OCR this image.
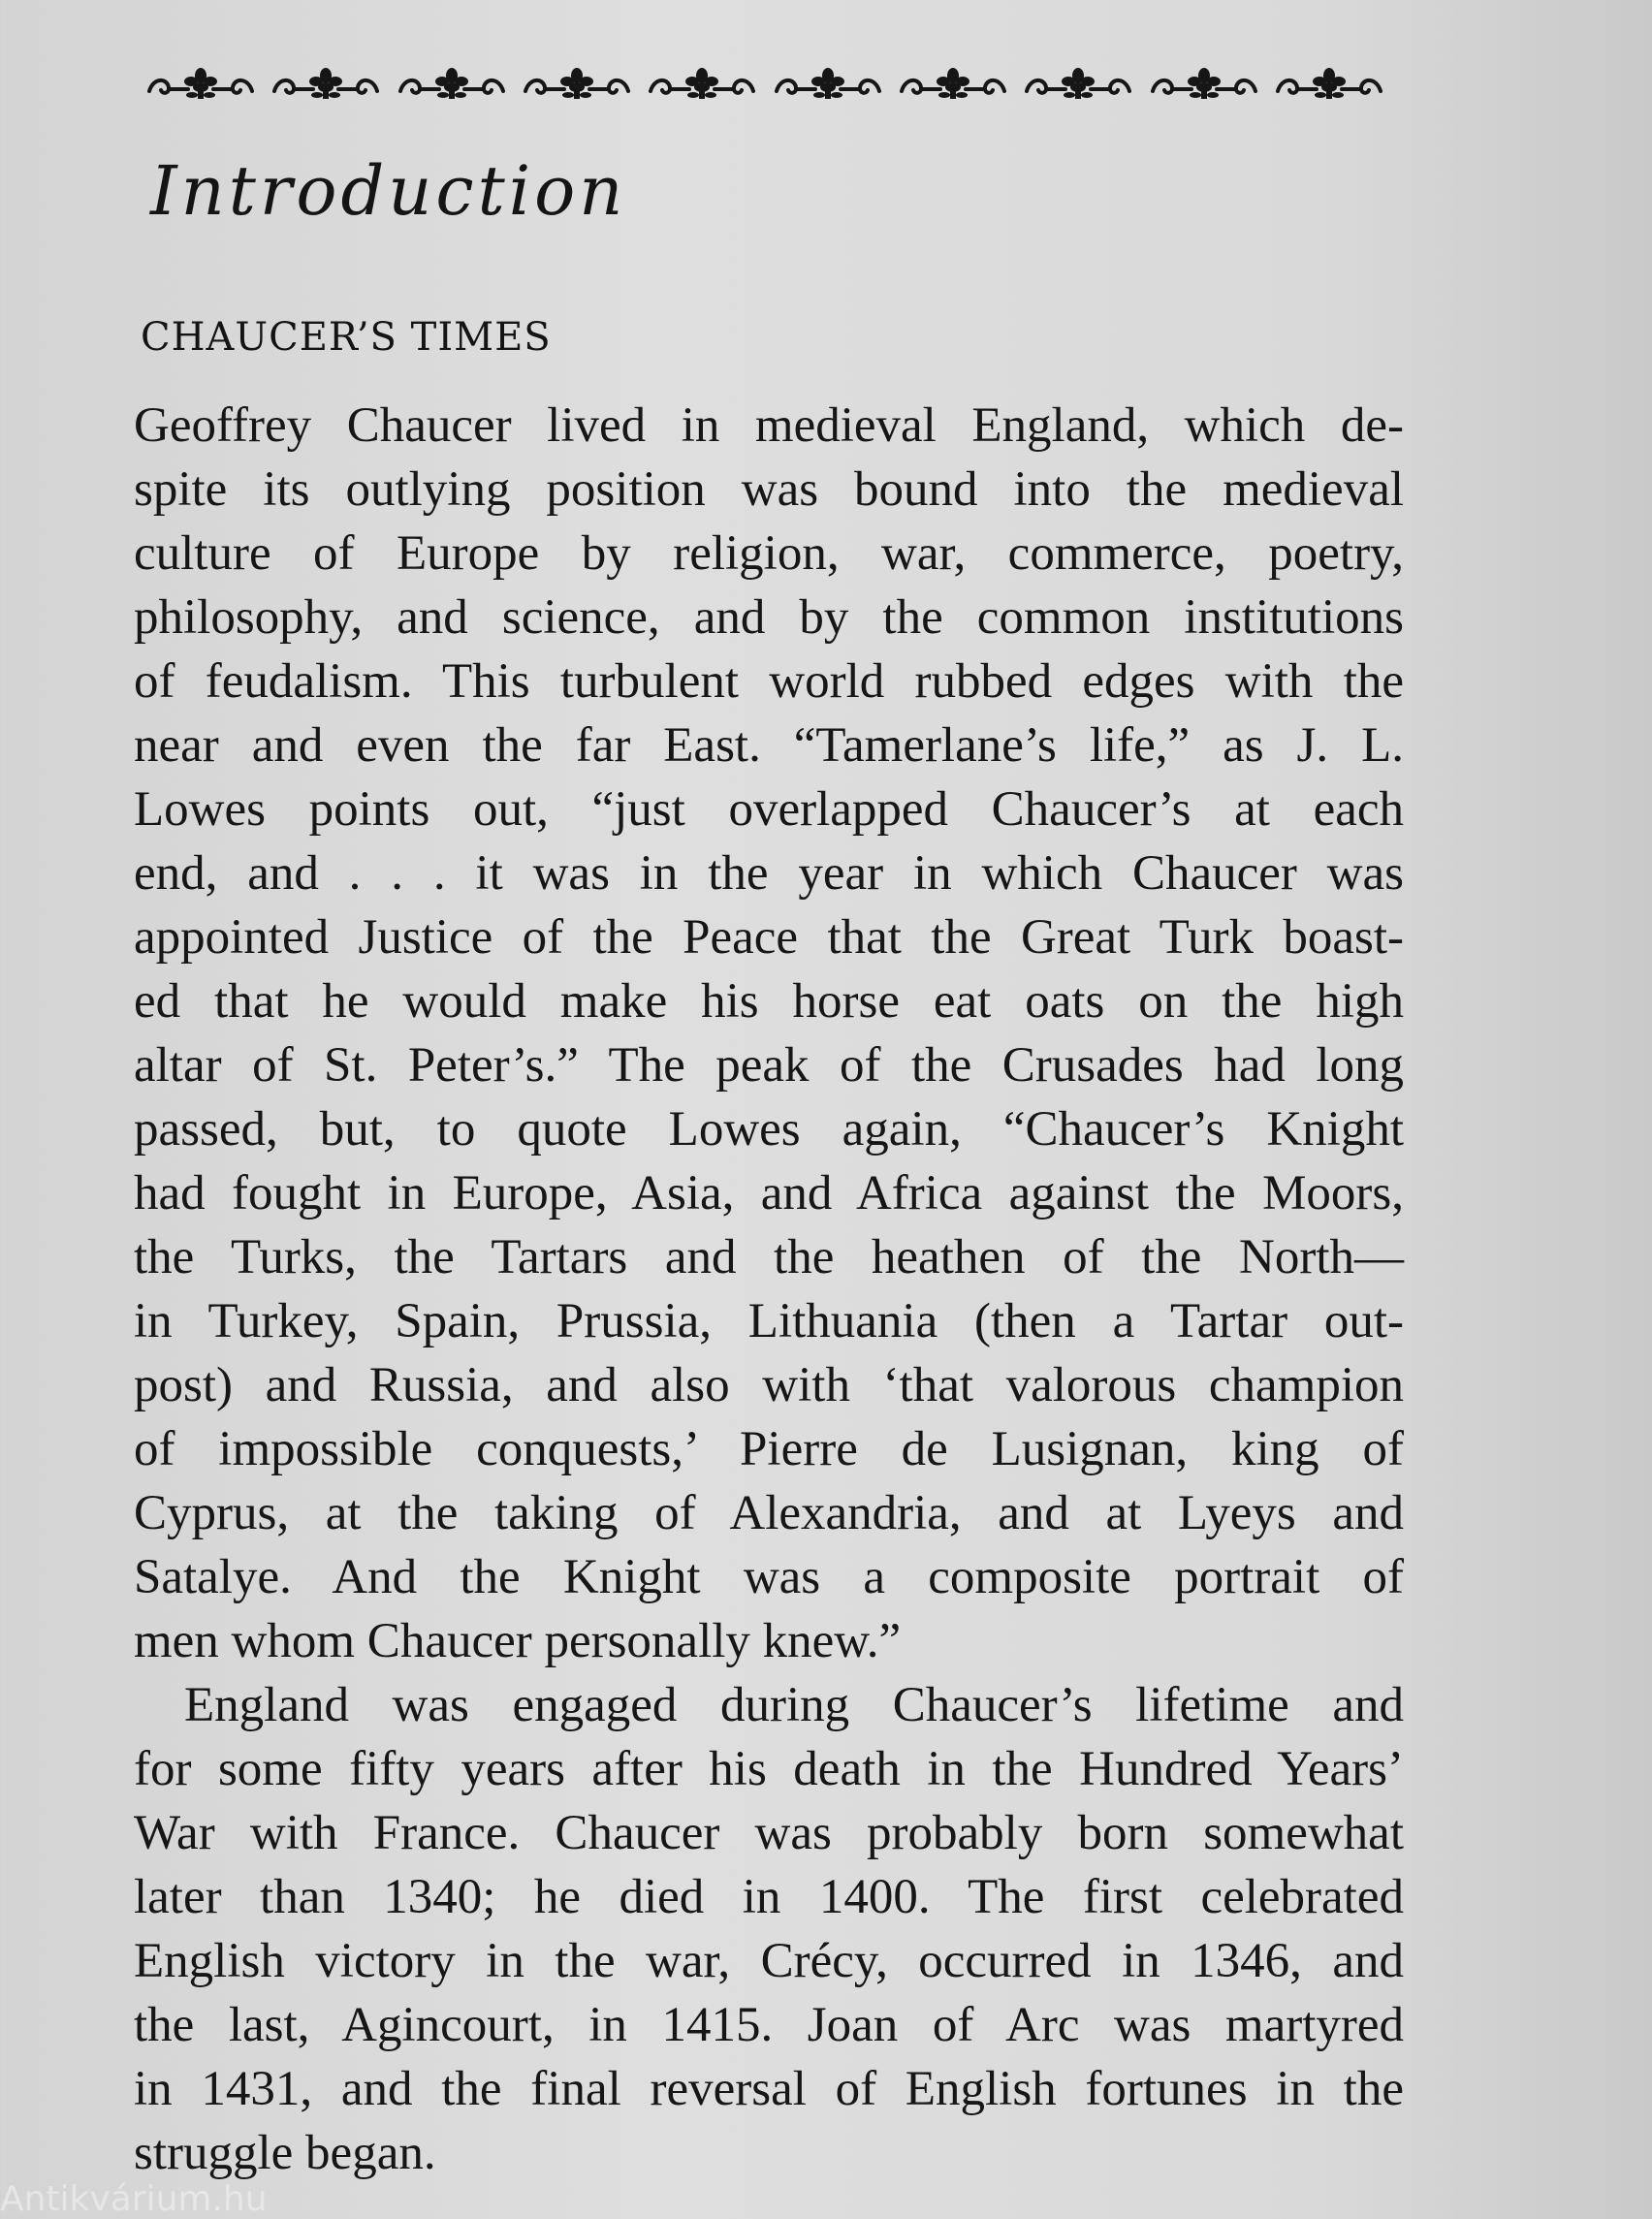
Introduction
CHAUCER’S TIMES
Geoffrey Chaucer lived in medieval England, which de-
spite its outlying position was bound into the medieval
culture of Europe by religion, war, commerce, poetry,
philosophy, and science, and by the common institutions
of feudalism. This turbulent world rubbed edges with the
near and even the far East. “Tamerlane’s life,” as J. L.
Lowes points out, “just overlapped Chaucer’s at each
end, and . . . it was in the year in which Chaucer was
appointed Justice of the Peace that the Great Turk boast-
ed that he would make his horse eat oats on the high
altar of St. Peter’s.” The peak of the Crusades had long
passed, but, to quote Lowes again, “Chaucer’s Knight
had fought in Europe, Asia, and Africa against the Moors,
the Turks, the Tartars and the heathen of the North—
in Turkey, Spain, Prussia, Lithuania (then a Tartar out-
post) and Russia, and also with ‘that valorous champion
of impossible conquests,’ Pierre de Lusignan, king of
Cyprus, at the taking of Alexandria, and at Lyeys and
Satalye. And the Knight was a composite portrait of
men whom Chaucer personally knew.”
England was engaged during Chaucer’s lifetime and
for some fifty years after his death in the Hundred Years’
War with France. Chaucer was probably born somewhat
later than 1340; he died in 1400. The first celebrated
English victory in the war, Crécy, occurred in 1346, and
the last, Agincourt, in 1415. Joan of Arc was martyred
in 1431, and the final reversal of English fortunes in the
struggle began.
Antikvárium.hu
